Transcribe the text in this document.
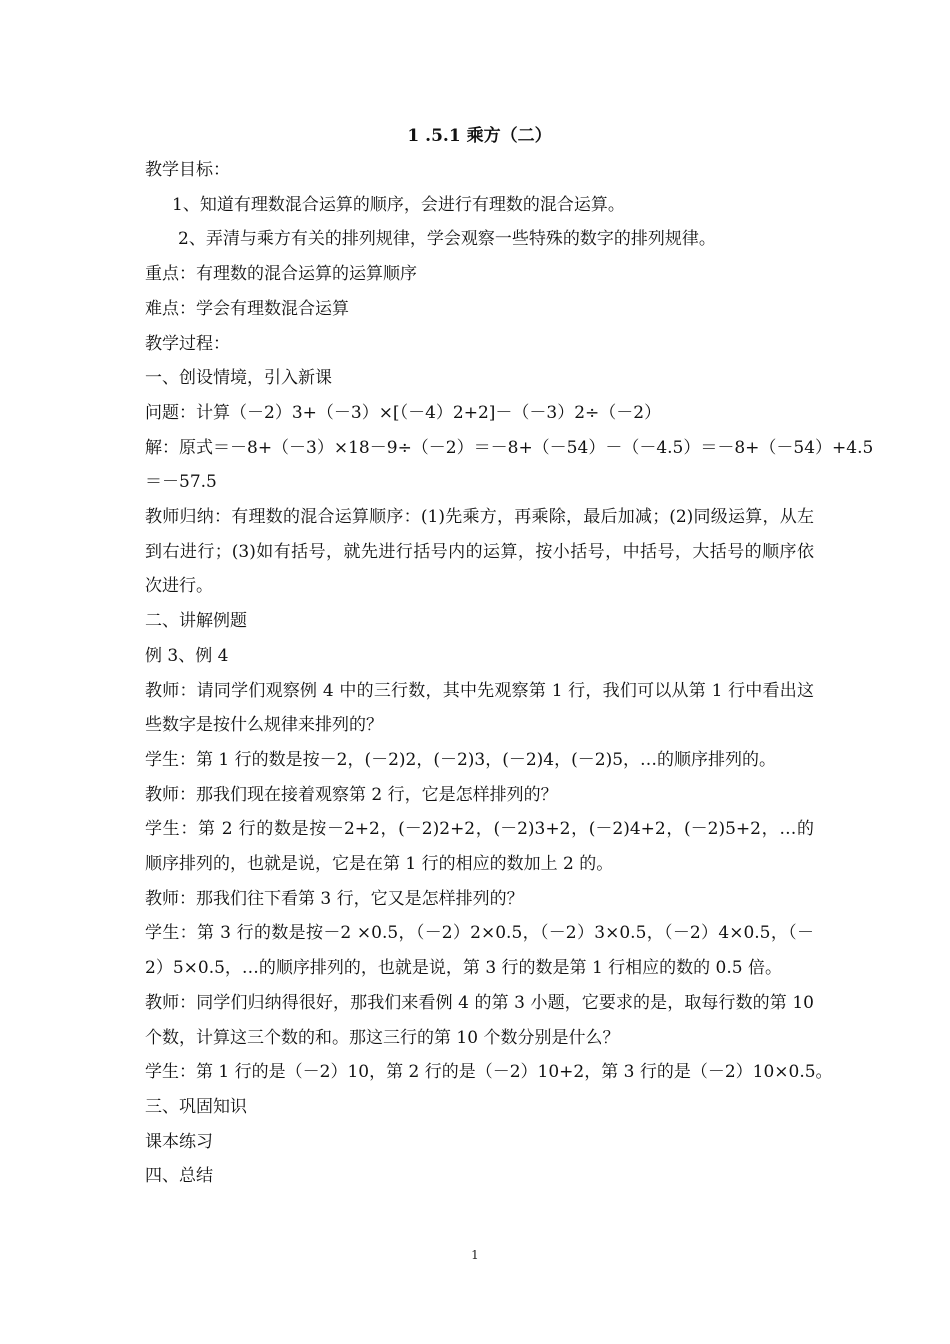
1 .5.1 乘方（二）
教学目标：
1、知道有理数混合运算的顺序，会进行有理数的混合运算。
2、弄清与乘方有关的排列规律，学会观察一些特殊的数字的排列规律。
重点：有理数的混合运算的运算顺序
难点：学会有理数混合运算
教学过程：
一、创设情境，引入新课
问题：计算（－2）3+（－3）×[（－4）2+2]－（－3）2÷（－2）
解：原式＝－8+（－3）×18－9÷（－2）＝－8+（－54）－（－4.5）＝－8+（－54）+4.5
＝－57.5
教师归纳：有理数的混合运算顺序：(1)先乘方，再乘除，最后加减；(2)同级运算，从左到右进行；(3)如有括号，就先进行括号内的运算，按小括号，中括号，大括号的顺序依次进行。
二、讲解例题
例 3、例 4
教师：请同学们观察例 4 中的三行数，其中先观察第 1 行，我们可以从第 1 行中看出这些数字是按什么规律来排列的？
学生：第 1 行的数是按－2，(－2)2，(－2)3，(－2)4，(－2)5，…的顺序排列的。
教师：那我们现在接着观察第 2 行，它是怎样排列的？
学生：第 2 行的数是按－2+2，(－2)2+2，(－2)3+2，(－2)4+2，(－2)5+2，…的顺序排列的，也就是说，它是在第 1 行的相应的数加上 2 的。
教师：那我们往下看第 3 行，它又是怎样排列的？
学生：第 3 行的数是按－2 ×0.5，（－2）2×0.5，（－2）3×0.5，（－2）4×0.5，（－2）5×0.5，…的顺序排列的，也就是说，第 3 行的数是第 1 行相应的数的 0.5 倍。
教师：同学们归纳得很好，那我们来看例 4 的第 3 小题，它要求的是，取每行数的第 10 个数，计算这三个数的和。那这三行的第 10 个数分别是什么？
学生：第 1 行的是（－2）10，第 2 行的是（－2）10+2，第 3 行的是（－2）10×0.5。
三、巩固知识
课本练习
四、总结
1
